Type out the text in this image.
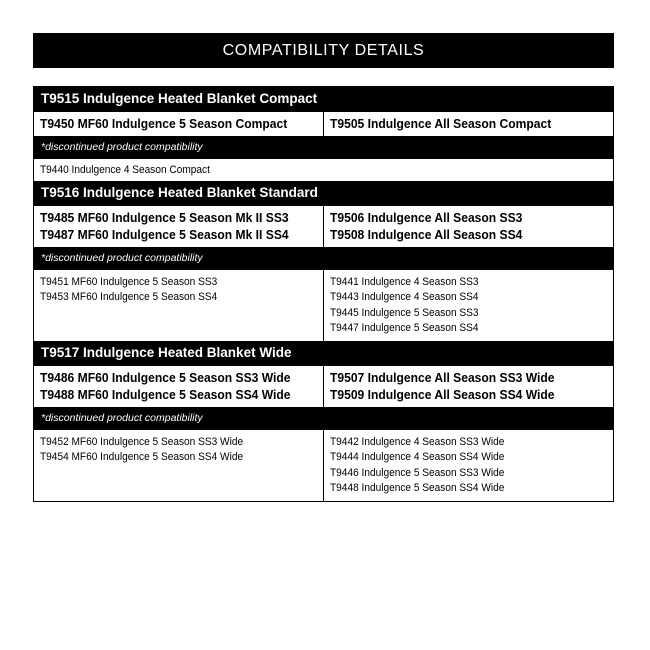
COMPATIBILITY DETAILS
T9515 Indulgence Heated Blanket Compact
T9450 MF60 Indulgence 5 Season Compact	T9505 Indulgence All Season Compact
*discontinued product compatibility
T9440 Indulgence 4 Season Compact
T9516 Indulgence Heated Blanket Standard
T9485 MF60 Indulgence 5 Season Mk II SS3
T9487 MF60 Indulgence 5 Season Mk II SS4
T9506 Indulgence All Season SS3
T9508 Indulgence All Season SS4
*discontinued product compatibility
T9451 MF60 Indulgence 5 Season SS3
T9453 MF60 Indulgence 5 Season SS4
T9441 Indulgence 4 Season SS3
T9443 Indulgence 4 Season SS4
T9445 Indulgence 5 Season SS3
T9447 Indulgence 5 Season SS4
T9517 Indulgence Heated Blanket Wide
T9486 MF60 Indulgence 5 Season SS3 Wide
T9488 MF60 Indulgence 5 Season SS4 Wide
T9507 Indulgence All Season SS3 Wide
T9509 Indulgence All Season SS4 Wide
*discontinued product compatibility
T9452 MF60 Indulgence 5 Season SS3 Wide
T9454 MF60 Indulgence 5 Season SS4 Wide
T9442 Indulgence 4 Season SS3 Wide
T9444 Indulgence 4 Season SS4 Wide
T9446 Indulgence 5 Season SS3 Wide
T9448 Indulgence 5 Season SS4 Wide
